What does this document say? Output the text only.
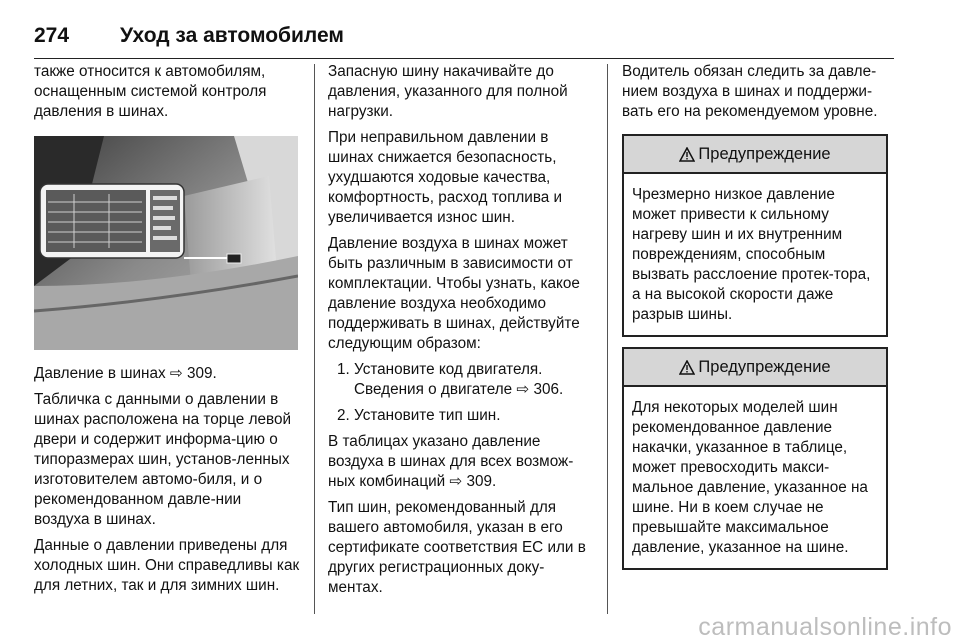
274 Уход за автомобилем

также относится к автомобилям, оснащенным системой контроля давления в шинах.

Давление в шинах ⇨ 309.

Табличка с данными о давлении в шинах расположена на торце левой двери и содержит информа-цию о типоразмерах шин, установ-ленных изготовителем автомо-биля, и о рекомендованном давле-нии воздуха в шинах.

Данные о давлении приведены для холодных шин. Они справедливы как для летних, так и для зимних шин.

Запасную шину накачивайте до давления, указанного для полной нагрузки.

При неправильном давлении в шинах снижается безопасность, ухудшаются ходовые качества, комфортность, расход топлива и увеличивается износ шин.

Давление воздуха в шинах может быть различным в зависимости от комплектации. Чтобы узнать, какое давление воздуха необходимо поддерживать в шинах, действуйте следующим образом:

1. Установите код двигателя. Сведения о двигателе ⇨ 306.
2. Установите тип шин.

В таблицах указано давление воздуха в шинах для всех возмож-ных комбинаций ⇨ 309.

Тип шин, рекомендованный для вашего автомобиля, указан в его сертификате соответствия ЕС или в других регистрационных доку-ментах.

Водитель обязан следить за давле-нием воздуха в шинах и поддержи-вать его на рекомендуемом уровне.

Предупреждение
Чрезмерно низкое давление может привести к сильному нагреву шин и их внутренним повреждениям, способным вызвать расслоение протек-тора, а на высокой скорости даже разрыв шины.
Предупреждение
Для некоторых моделей шин рекомендованное давление накачки, указанное в таблице, может превосходить макси-мальное давление, указанное на шине. Ни в коем случае не превышайте максимальное давление, указанное на шине.
carmanualsonline.info
